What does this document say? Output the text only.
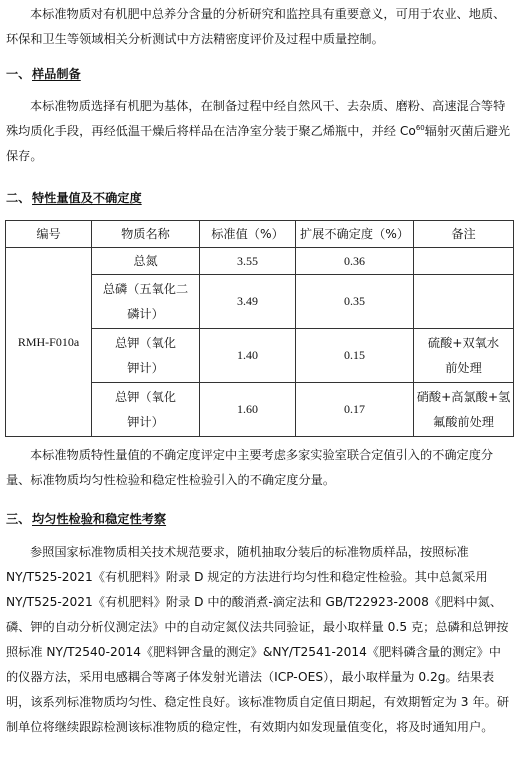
本标准物质对有机肥中总养分含量的分析研究和监控具有重要意义，可用于农业、地质、环保和卫生等领域相关分析测试中方法精密度评价及过程中质量控制。

一、 样品制备

本标准物质选择有机肥为基体，在制备过程中经自然风干、去杂质、磨粉、高速混合等特殊均质化手段，再经低温干燥后将样品在洁净室分装于聚乙烯瓶中，并经 Co$^{60}$辐射灭菌后避光保存。

二、 特性量值及不确定度
编号	物质名称	标准值（%）	扩展不确定度（%）	备注
RMH-F010a	总氮	3.55	0.36	
	总磷（五氧化二磷计）	3.49	0.35	
	总钾（氧化钾计）	1.40	0.15	硫酸+双氧水前处理
	总钾（氧化钾计）	1.60	0.17	硝酸+高氯酸+氢氟酸前处理

本标准物质特性量值的不确定度评定中主要考虑多家实验室联合定值引入的不确定度分量、标准物质均匀性检验和稳定性检验引入的不确定度分量。

三、 均匀性检验和稳定性考察

参照国家标准物质相关技术规范要求，随机抽取分装后的标准物质样品，按照标准NY/T525-2021《有机肥料》附录 D 规定的方法进行均匀性和稳定性检验。其中总氮采用NY/T525-2021《有机肥料》附录 D 中的酸消煮-滴定法和 GB/T22923-2008《肥料中氮、磷、钾的自动分析仪测定法》中的自动定氮仪法共同验证，最小取样量 0.5 克；总磷和总钾按照标准 NY/T2540-2014《肥料钾含量的测定》&NY/T2541-2014《肥料磷含量的测定》中的仪器方法，采用电感耦合等离子体发射光谱法（ICP-OES），最小取样量为 0.2g。结果表明，该系列标准物质均匀性、稳定性良好。该标准物质自定值日期起，有效期暂定为 3 年。研制单位将继续跟踪检测该标准物质的稳定性，有效期内如发现量值变化，将及时通知用户。
